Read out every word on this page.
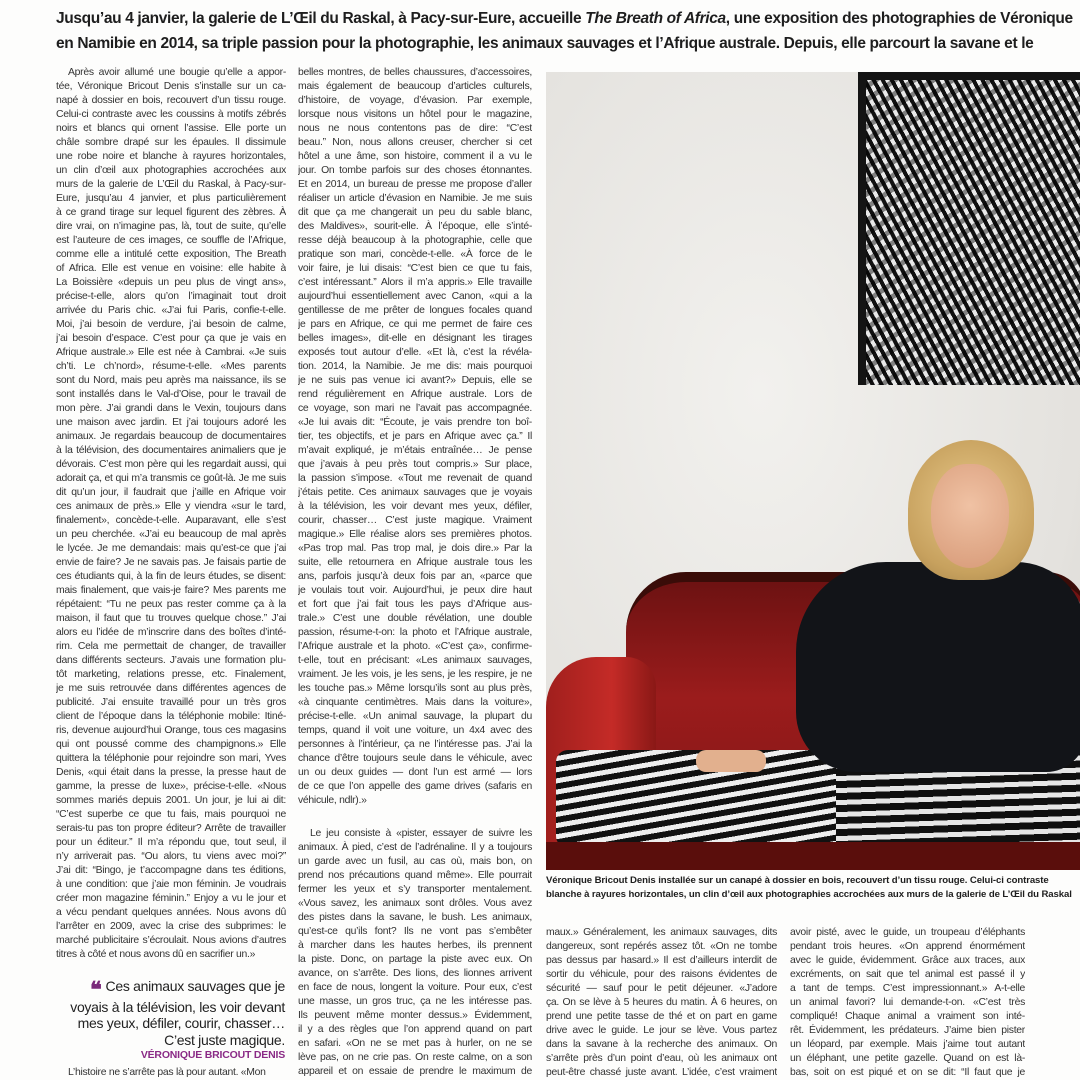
Jusqu’au 4 janvier, la galerie de L’Œil du Raskal, à Pacy-sur-Eure, accueille The Breath of Africa, une exposition des photographies de Véronique
en Namibie en 2014, sa triple passion pour la photographie, les animaux sauvages et l’Afrique australe. Depuis, elle parcourt la savane et le
Après avoir allumé une bougie qu’elle a appor-
tée, Véronique Bricout Denis s’installe sur un ca-
napé à dossier en bois, recouvert d’un tissu rouge.
Celui-ci contraste avec les coussins à motifs zébrés
noirs et blancs qui ornent l’assise. Elle porte un
châle sombre drapé sur les épaules. Il dissimule
une robe noire et blanche à rayures horizontales,
un clin d’œil aux photographies accrochées aux
murs de la galerie de L’Œil du Raskal, à Pacy-sur-
Eure, jusqu’au 4 janvier, et plus particulièrement
à ce grand tirage sur lequel figurent des zèbres. À
dire vrai, on n’imagine pas, là, tout de suite, qu’elle
est l’auteure de ces images, ce souffle de l’Afrique,
comme elle a intitulé cette exposition, The Breath
of Africa. Elle est venue en voisine: elle habite à
La Boissière «depuis un peu plus de vingt ans»,
précise-t-elle, alors qu’on l’imaginait tout droit
arrivée du Paris chic. «J’ai fui Paris, confie-t-elle.
Moi, j’ai besoin de verdure, j’ai besoin de calme,
j’ai besoin d’espace. C’est pour ça que je vais en
Afrique australe.» Elle est née à Cambrai. «Je suis
ch’ti. Le ch’nord», résume-t-elle. «Mes parents
sont du Nord, mais peu après ma naissance, ils se
sont installés dans le Val-d’Oise, pour le travail de
mon père. J’ai grandi dans le Vexin, toujours dans
une maison avec jardin. Et j’ai toujours adoré les
animaux. Je regardais beaucoup de documentaires
à la télévision, des documentaires animaliers que je
dévorais. C’est mon père qui les regardait aussi, qui
adorait ça, et qui m’a transmis ce goût-là. Je me suis
dit qu’un jour, il faudrait que j’aille en Afrique voir
ces animaux de près.» Elle y viendra «sur le tard,
finalement», concède-t-elle. Auparavant, elle s’est
un peu cherchée. «J’ai eu beaucoup de mal après
le lycée. Je me demandais: mais qu’est-ce que j’ai
envie de faire? Je ne savais pas. Je faisais partie de
ces étudiants qui, à la fin de leurs études, se disent:
mais finalement, que vais-je faire? Mes parents me
répétaient: “Tu ne peux pas rester comme ça à la
maison, il faut que tu trouves quelque chose.” J’ai
alors eu l’idée de m’inscrire dans des boîtes d’inté-
rim. Cela me permettait de changer, de travailler
dans différents secteurs. J’avais une formation plu-
tôt marketing, relations presse, etc. Finalement,
je me suis retrouvée dans différentes agences de
publicité. J’ai ensuite travaillé pour un très gros
client de l’époque dans la téléphonie mobile: Itiné-
ris, devenue aujourd’hui Orange, tous ces magasins
qui ont poussé comme des champignons.» Elle
quittera la téléphonie pour rejoindre son mari, Yves
Denis, «qui était dans la presse, la presse haut de
gamme, la presse de luxe», précise-t-elle. «Nous
sommes mariés depuis 2001. Un jour, je lui ai dit:
“C’est superbe ce que tu fais, mais pourquoi ne
serais-tu pas ton propre éditeur? Arrête de travailler
pour un éditeur.” Il m’a répondu que, tout seul, il
n’y arriverait pas. “Ou alors, tu viens avec moi?”
J’ai dit: “Bingo, je t’accompagne dans tes éditions,
à une condition: que j’aie mon féminin. Je voudrais
créer mon magazine féminin.” Enjoy a vu le jour et
a vécu pendant quelques années. Nous avons dû
l’arrêter en 2009, avec la crise des subprimes: le
marché publicitaire s’écroulait. Nous avions d’autres
titres à côté et nous avons dû en sacrifier un.»
❝ Ces animaux sauvages que je voyais à la télévision, les voir devant mes yeux, défiler, courir, chasser… C’est juste magique.
VÉRONIQUE BRICOUT DENIS
L’histoire ne s’arrête pas là pour autant. «Mon
belles montres, de belles chaussures, d’accessoires,
mais également de beaucoup d’articles culturels,
d’histoire, de voyage, d’évasion. Par exemple,
lorsque nous visitons un hôtel pour le magazine,
nous ne nous contentons pas de dire: “C’est
beau.” Non, nous allons creuser, chercher si cet
hôtel a une âme, son histoire, comment il a vu le
jour. On tombe parfois sur des choses étonnantes.
Et en 2014, un bureau de presse me propose d’aller
réaliser un article d’évasion en Namibie. Je me suis
dit que ça me changerait un peu du sable blanc,
des Maldives», sourit-elle. À l’époque, elle s’inté-
resse déjà beaucoup à la photographie, celle que
pratique son mari, concède-t-elle. «À force de le
voir faire, je lui disais: “C’est bien ce que tu fais,
c’est intéressant.” Alors il m’a appris.» Elle travaille
aujourd’hui essentiellement avec Canon, «qui a la
gentillesse de me prêter de longues focales quand
je pars en Afrique, ce qui me permet de faire ces
belles images», dit-elle en désignant les tirages
exposés tout autour d’elle. «Et là, c’est la révéla-
tion. 2014, la Namibie. Je me dis: mais pourquoi
je ne suis pas venue ici avant?» Depuis, elle se
rend régulièrement en Afrique australe. Lors de
ce voyage, son mari ne l’avait pas accompagnée.
«Je lui avais dit: “Écoute, je vais prendre ton boî-
tier, tes objectifs, et je pars en Afrique avec ça.” Il
m’avait expliqué, je m’étais entraînée… Je pense
que j’avais à peu près tout compris.» Sur place,
la passion s’impose. «Tout me revenait de quand
j’étais petite. Ces animaux sauvages que je voyais
à la télévision, les voir devant mes yeux, défiler,
courir, chasser… C’est juste magique. Vraiment
magique.» Elle réalise alors ses premières photos.
«Pas trop mal. Pas trop mal, je dois dire.» Par la
suite, elle retournera en Afrique australe tous les
ans, parfois jusqu’à deux fois par an, «parce que
je voulais tout voir. Aujourd’hui, je peux dire haut
et fort que j’ai fait tous les pays d’Afrique aus-
trale.» C’est une double révélation, une double
passion, résume-t-on: la photo et l’Afrique australe,
l’Afrique australe et la photo. «C’est ça», confirme-
t-elle, tout en précisant: «Les animaux sauvages,
vraiment. Je les vois, je les sens, je les respire, je ne
les touche pas.» Même lorsqu’ils sont au plus près,
«à cinquante centimètres. Mais dans la voiture»,
précise-t-elle. «Un animal sauvage, la plupart du
temps, quand il voit une voiture, un 4x4 avec des
personnes à l’intérieur, ça ne l’intéresse pas. J’ai la
chance d’être toujours seule dans le véhicule, avec
un ou deux guides — dont l’un est armé — lors
de ce que l’on appelle des game drives (safaris en
véhicule, ndlr).»
Le jeu consiste à «pister, essayer de suivre les
animaux. À pied, c’est de l’adrénaline. Il y a toujours
un garde avec un fusil, au cas où, mais bon, on
prend nos précautions quand même». Elle pourrait
fermer les yeux et s’y transporter mentalement.
«Vous savez, les animaux sont drôles. Vous avez
des pistes dans la savane, le bush. Les animaux,
qu’est-ce qu’ils font? Ils ne vont pas s’embêter
à marcher dans les hautes herbes, ils prennent
la piste. Donc, on partage la piste avec eux. On
avance, on s’arrête. Des lions, des lionnes arrivent
en face de nous, longent la voiture. Pour eux, c’est
une masse, un gros truc, ça ne les intéresse pas.
Ils peuvent même monter dessus.» Évidemment,
il y a des règles que l’on apprend quand on part
en safari. «On ne se met pas à hurler, on ne se
lève pas, on ne crie pas. On reste calme, on a son
appareil et on essaie de prendre le maximum de
Véronique Bricout Denis installée sur un canapé à dossier en bois, recouvert d’un tissu rouge. Celui-ci contraste
blanche à rayures horizontales, un clin d’œil aux photographies accrochées aux murs de la galerie de L’Œil du Raskal
maux.» Généralement, les animaux sauvages, dits
dangereux, sont repérés assez tôt. «On ne tombe
pas dessus par hasard.» Il est d’ailleurs interdit de
sortir du véhicule, pour des raisons évidentes de
sécurité — sauf pour le petit déjeuner. «J’adore
ça. On se lève à 5 heures du matin. À 6 heures, on
prend une petite tasse de thé et on part en game
drive avec le guide. Le jour se lève. Vous partez
dans la savane à la recherche des animaux. On
s’arrête près d’un point d’eau, où les animaux ont
peut-être chassé juste avant. L’idée, c’est vraiment
avoir pisté, avec le guide, un troupeau d’éléphants
pendant trois heures. «On apprend énormément
avec le guide, évidemment. Grâce aux traces, aux
excréments, on sait que tel animal est passé il y
a tant de temps. C’est impressionnant.» A-t-elle
un animal favori? lui demande-t-on. «C’est très
compliqué! Chaque animal a vraiment son inté-
rêt. Évidemment, les prédateurs. J’aime bien pister
un léopard, par exemple. Mais j’aime tout autant
un éléphant, une petite gazelle. Quand on est là-
bas, soit on est piqué et on se dit: “Il faut que je
